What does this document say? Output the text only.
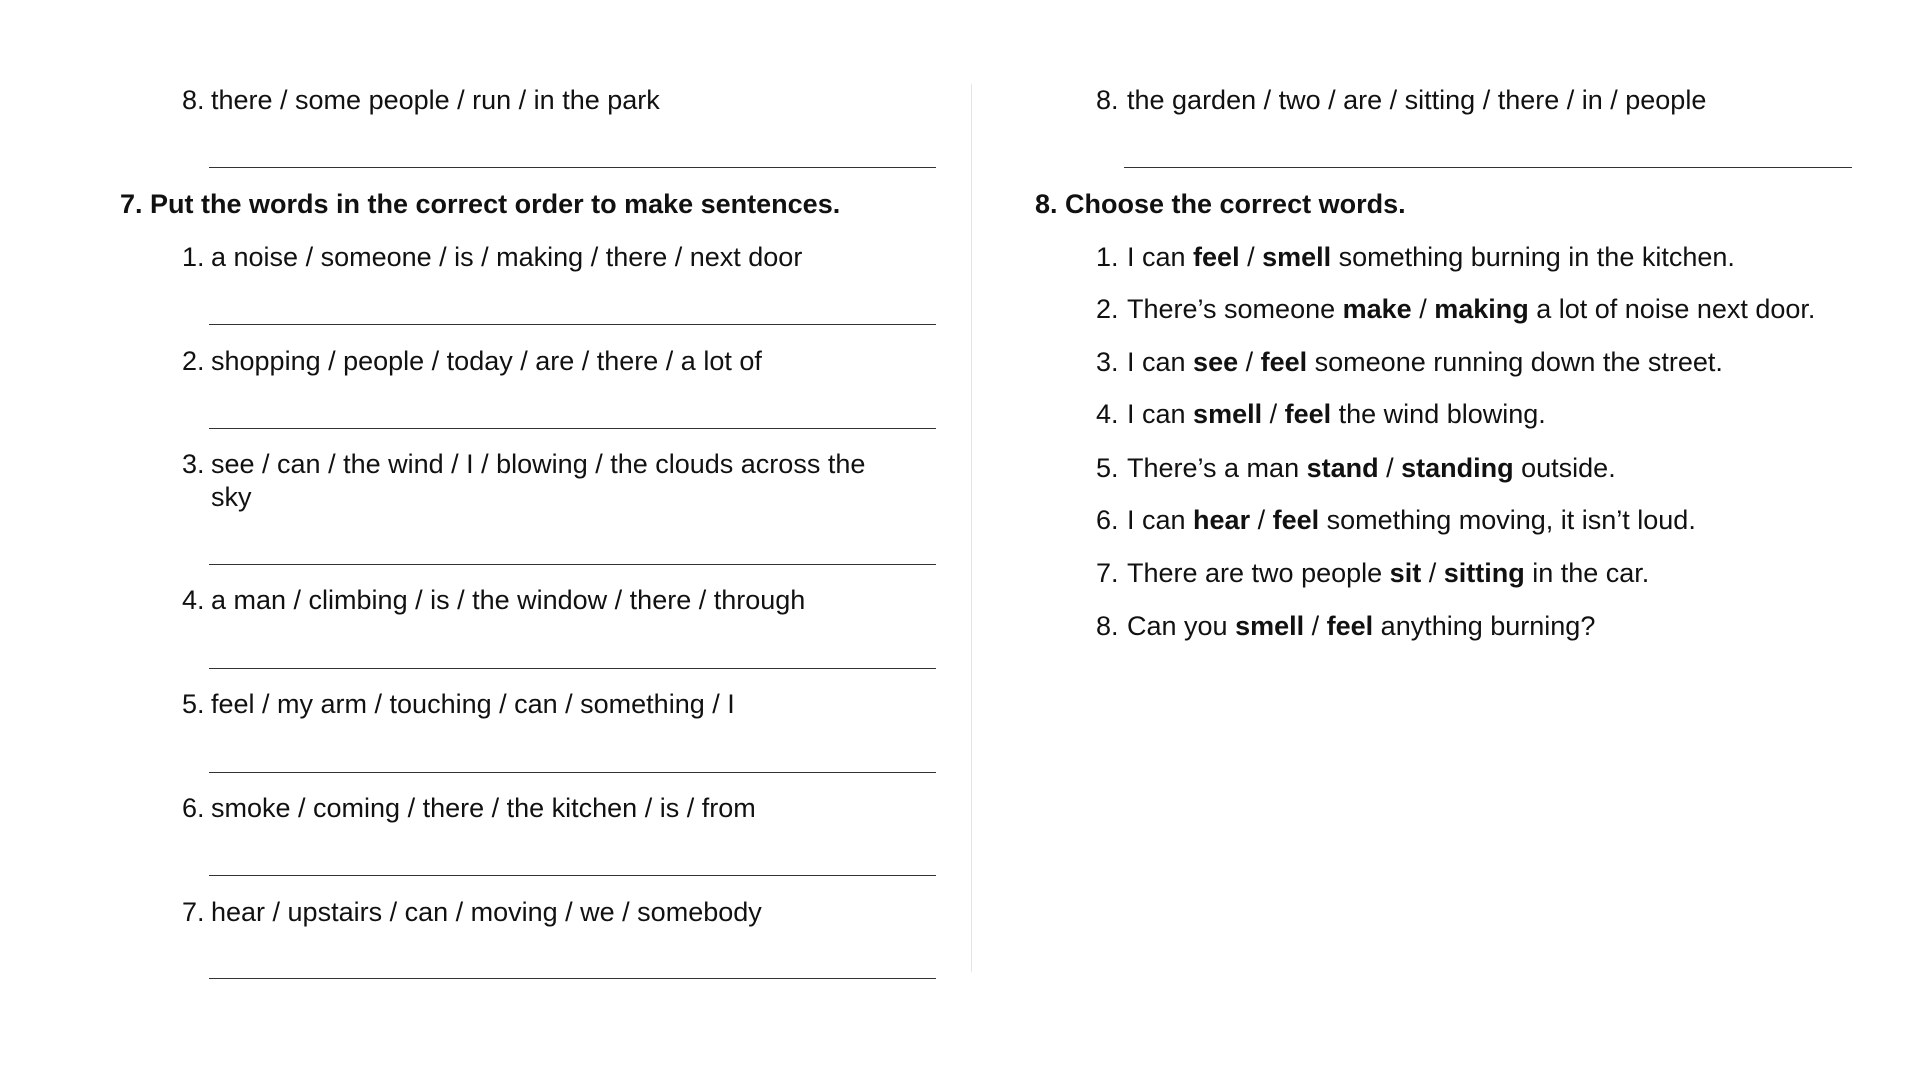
8. there / some people / run / in the park
7. Put the words in the correct order to make sentences.
1. a noise / someone / is / making / there / next door
2. shopping / people / today / are / there / a lot of
3. see / can / the wind / I / blowing / the clouds across the
sky
4. a man / climbing / is / the window / there / through
5. feel / my arm / touching / can / something / I
6. smoke / coming / there / the kitchen / is / from
7. hear / upstairs / can / moving / we / somebody
8. the garden / two / are / sitting / there / in / people
8. Choose the correct words.
1. I can feel / smell something burning in the kitchen.
2. There’s someone make / making a lot of noise next door.
3. I can see / feel someone running down the street.
4. I can smell / feel the wind blowing.
5. There’s a man stand / standing outside.
6. I can hear / feel something moving, it isn’t loud.
7. There are two people sit / sitting in the car.
8. Can you smell / feel anything burning?
